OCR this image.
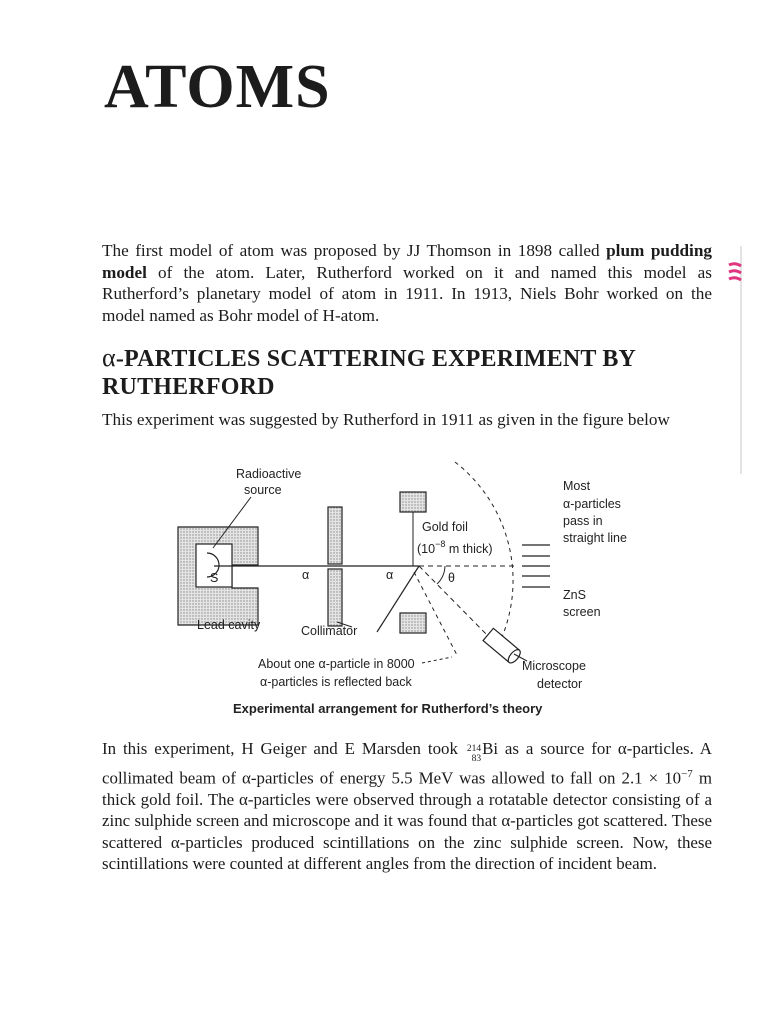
ATOMS

The first model of atom was proposed by JJ Thomson in 1898 called plum pudding model of the atom. Later, Rutherford worked on it and named this model as Rutherford’s planetary model of atom in 1911. In 1913, Niels Bohr worked on the model named as Bohr model of H-atom.

α-PARTICLES SCATTERING EXPERIMENT BY RUTHERFORD

This experiment was suggested by Rutherford in 1911 as given in the figure below

Radioactive
source
S	α	α
Lead cavity	Collimator
Gold foil
($10^{-8}$ m thick)
θ
Most
α-particles
pass in
straight line
ZnS
screen
About one α-particle in 8000
α-particles is reflected back
Microscope
detector
Experimental arrangement for Rutherford’s theory

In this experiment, H Geiger and E Marsden took 214
83
Bi as a source for α-particles. A collimated beam of α-particles of energy 5.5 MeV was allowed to fall on $2.1 \times 10^{-7}$ m thick gold foil. The α-particles were observed through a rotatable detector consisting of a zinc sulphide screen and microscope and it was found that α-particles got scattered. These scattered α-particles produced scintillations on the zinc sulphide screen. Now, these scintillations were counted at different angles from the direction of incident beam.
